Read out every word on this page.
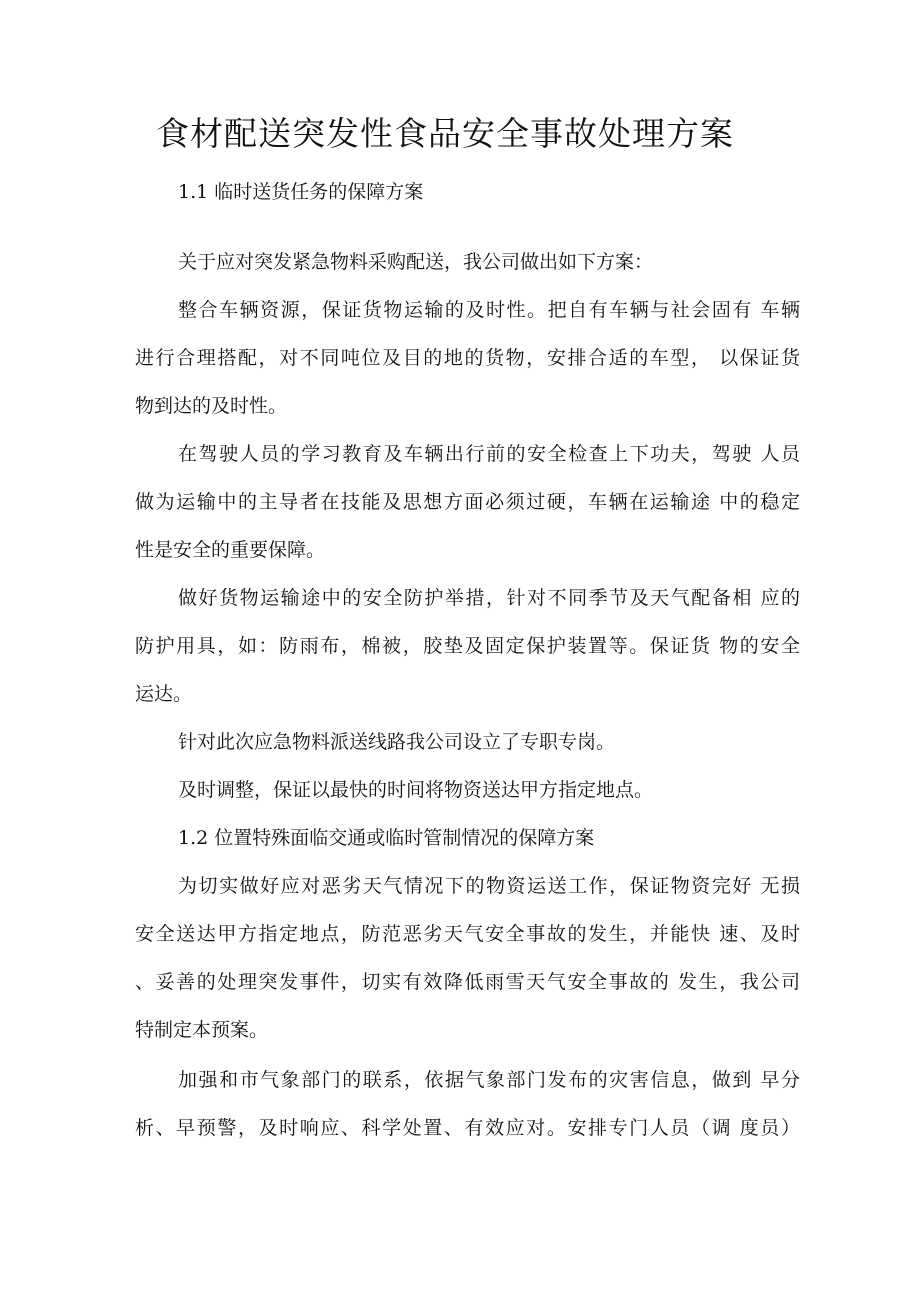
食材配送突发性食品安全事故处理方案
1.1 临时送货任务的保障方案
关于应对突发紧急物料采购配送，我公司做出如下方案：
整合车辆资源，保证货物运输的及时性。把自有车辆与社会固有 车辆
进行合理搭配，对不同吨位及目的地的货物，安排合适的车型， 以保证货
物到达的及时性。
在驾驶人员的学习教育及车辆出行前的安全检查上下功夫，驾驶 人员
做为运输中的主导者在技能及思想方面必须过硬，车辆在运输途 中的稳定
性是安全的重要保障。
做好货物运输途中的安全防护举措，针对不同季节及天气配备相 应的
防护用具，如：防雨布，棉被，胶垫及固定保护装置等。保证货 物的安全
运达。
针对此次应急物料派送线路我公司设立了专职专岗。
及时调整，保证以最快的时间将物资送达甲方指定地点。
1.2 位置特殊面临交通或临时管制情况的保障方案
为切实做好应对恶劣天气情况下的物资运送工作，保证物资完好 无损
安全送达甲方指定地点，防范恶劣天气安全事故的发生，并能快 速、及时
、妥善的处理突发事件，切实有效降低雨雪天气安全事故的 发生，我公司
特制定本预案。
加强和市气象部门的联系，依据气象部门发布的灾害信息，做到 早分
析、早预警，及时响应、科学处置、有效应对。安排专门人员（调 度员）
